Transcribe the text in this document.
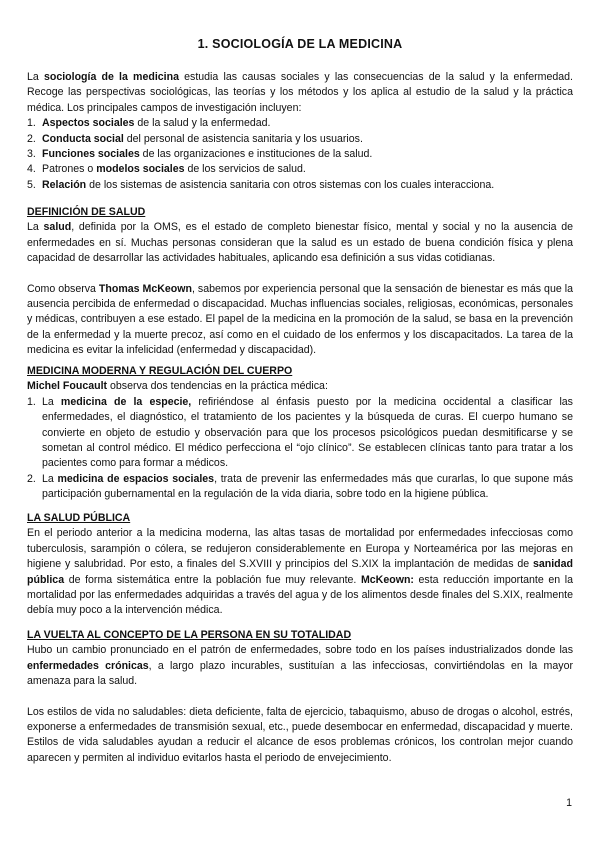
1. SOCIOLOGÍA DE LA MEDICINA

La sociología de la medicina estudia las causas sociales y las consecuencias de la salud y la enfermedad. Recoge las perspectivas sociológicas, las teorías y los métodos y los aplica al estudio de la salud y la práctica médica. Los principales campos de investigación incluyen:

1. Aspectos sociales de la salud y la enfermedad.
2. Conducta social del personal de asistencia sanitaria y los usuarios.
3. Funciones sociales de las organizaciones e instituciones de la salud.
4. Patrones o modelos sociales de los servicios de salud.
5. Relación de los sistemas de asistencia sanitaria con otros sistemas con los cuales interacciona.
DEFINICIÓN DE SALUD

La salud, definida por la OMS, es el estado de completo bienestar físico, mental y social y no la ausencia de enfermedades en sí. Muchas personas consideran que la salud es un estado de buena condición física y plena capacidad de desarrollar las actividades habituales, aplicando esa definición a sus vidas cotidianas.

Como observa Thomas McKeown, sabemos por experiencia personal que la sensación de bienestar es más que la ausencia percibida de enfermedad o discapacidad. Muchas influencias sociales, religiosas, económicas, personales y médicas, contribuyen a ese estado. El papel de la medicina en la promoción de la salud, se basa en la prevención de la enfermedad y la muerte precoz, así como en el cuidado de los enfermos y los discapacitados. La tarea de la medicina es evitar la infelicidad (enfermedad y discapacidad).

MEDICINA MODERNA Y REGULACIÓN DEL CUERPO

Michel Foucault observa dos tendencias en la práctica médica:

1. La medicina de la especie, refiriéndose al énfasis puesto por la medicina occidental a clasificar las enfermedades, el diagnóstico, el tratamiento de los pacientes y la búsqueda de curas. El cuerpo humano se convierte en objeto de estudio y observación para que los procesos psicológicos puedan desmitificarse y se sometan al control médico. El médico perfecciona el “ojo clínico”. Se establecen clínicas tanto para tratar a los pacientes como para formar a médicos.
2. La medicina de espacios sociales, trata de prevenir las enfermedades más que curarlas, lo que supone más participación gubernamental en la regulación de la vida diaria, sobre todo en la higiene pública.
LA SALUD PÚBLICA

En el periodo anterior a la medicina moderna, las altas tasas de mortalidad por enfermedades infecciosas como tuberculosis, sarampión o cólera, se redujeron considerablemente en Europa y Norteamérica por las mejoras en higiene y salubridad. Por esto, a finales del S.XVIII y principios del S.XIX la implantación de medidas de sanidad pública de forma sistemática entre la población fue muy relevante. McKeown: esta reducción importante en la mortalidad por las enfermedades adquiridas a través del agua y de los alimentos desde finales del S.XIX, realmente debía muy poco a la intervención médica.

LA VUELTA AL CONCEPTO DE LA PERSONA EN SU TOTALIDAD

Hubo un cambio pronunciado en el patrón de enfermedades, sobre todo en los países industrializados donde las enfermedades crónicas, a largo plazo incurables, sustituían a las infecciosas, convirtiéndolas en la mayor amenaza para la salud.

Los estilos de vida no saludables: dieta deficiente, falta de ejercicio, tabaquismo, abuso de drogas o alcohol, estrés, exponerse a enfermedades de transmisión sexual, etc., puede desembocar en enfermedad, discapacidad y muerte. Estilos de vida saludables ayudan a reducir el alcance de esos problemas crónicos, los controlan mejor cuando aparecen y permiten al individuo evitarlos hasta el periodo de envejecimiento.

1
